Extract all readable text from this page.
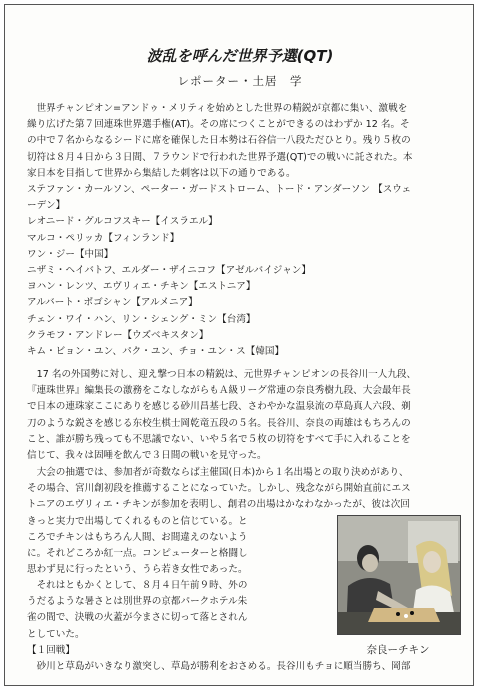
波乱を呼んだ世界予選(QT)
レポーター・土居　学
世界チャンピオン=アンドゥ・メリティを始めとした世界の精鋭が京都に集い、激戦を
繰り広げた第７回連珠世界選手権(AT)。その席につくことができるのはわずか 12 名。そ
の中で７名からなるシードに席を確保した日本勢は石谷信一八段ただひとり。残り５枚の
切符は８月４日から３日間、７ラウンドで行われた世界予選(QT)での戦いに託された。本
家日本を目指して世界から集結した刺客は以下の通りである。
ステファン・カールソン、ペーター・ガードストローム、トード・アンダーソン 【スウェ
ーデン】
レオニード・グルコフスキー【イスラエル】
マルコ・ペリッカ【フィンランド】
ワン・ジー【中国】
ニザミ・ヘイバトフ、エルダー・ザイニコフ【アゼルバイジャン】
ヨハン・レンツ、エヴリィエ・チキン【エストニア】
アルバート・ボゴシャン【アルメニア】
チェン・ワイ・ハン、リン・シェング・ミン【台湾】
クラモフ・アンドレー【ウズベキスタン】
キム・ビョン・ユン、パク・ユン、チョ・ユン・ス【韓国】
17 名の外国勢に対し、迎え撃つ日本の精鋭は、元世界チャンピオンの長谷川一人九段、
『連珠世界』編集長の激務をこなしながらもＡ級リーグ常連の奈良秀樹九段、大会最年長
で日本の連珠家ここにありを感じる砂川昌基七段、さわやかな温泉流の草島真人六段、剃
刀のような鋭さを感じる东校生棋士岡乾竜五段の５名。長谷川、奈良の両雄はもちろんの
こと、誰が勝ち残っても不思議でない、いや５名で５枚の切符をすべて手に入れることを
信じて、我々は固唾を飲んで３日間の戦いを見守った。
大会の抽選では、参加者が奇数ならば主催国(日本)から１名出場との取り決めがあり、
その場合、宮川創初段を推薦することになっていた。しかし、残念ながら開始直前にエス
トニアのエヴリィエ・チキンが参加を表明し、創君の出場はかなわなかったが、彼は次回
きっと実力で出場してくれるものと信じている。と
ころでチキンはもちろん人間、お間違えのないよう
に。それどころか紅一点。コンピューターと格闘し
思わず見に行ったという、うら若き女性であった。
それはともかくとして、８月４日午前９時、外の
うだるような暑さとは別世界の京都パークホテル朱
雀の間で、決戦の火蓋が今まさに切って落とされん
としていた。
【１回戦】
砂川と草島がいきなり激突し、草島が勝利をおさめる。長谷川もチョに順当勝ち、岡部
奈良ーチキン
